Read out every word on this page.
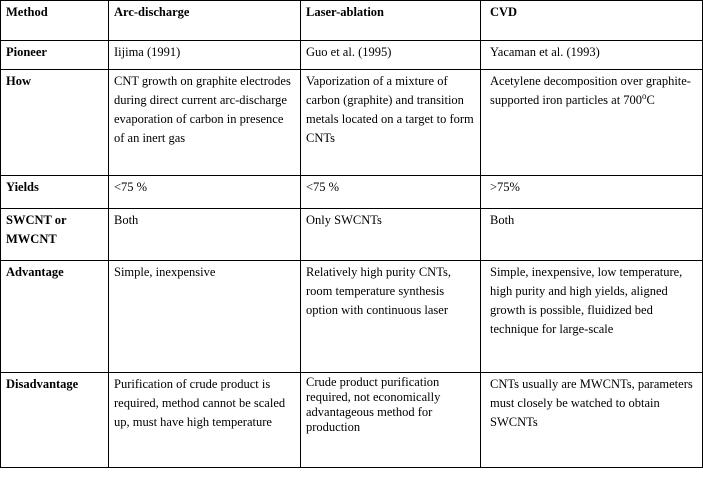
Method	Arc-discharge	Laser-ablation	CVD
Pioneer	Iijima (1991)	Guo et al. (1995)	Yacaman et al. (1993)
How	CNT growth on graphite electrodes during direct current arc-discharge evaporation of carbon in presence of an inert gas	Vaporization of a mixture of carbon (graphite) and transition metals located on a target to form CNTs	Acetylene decomposition over graphite-supported iron particles at 700$^o$C
Yields	<75 %	<75 %	>75%
SWCNT or MWCNT	Both	Only SWCNTs	Both
Advantage	Simple, inexpensive	Relatively high purity CNTs, room temperature synthesis option with continuous laser	Simple, inexpensive, low temperature, high purity and high yields, aligned growth is possible, fluidized bed technique for large-scale
Disadvantage	Purification of crude product is required, method cannot be scaled up, must have high temperature	Crude product purification required, not economically advantageous method for production	CNTs usually are MWCNTs, parameters must closely be watched to obtain SWCNTs
